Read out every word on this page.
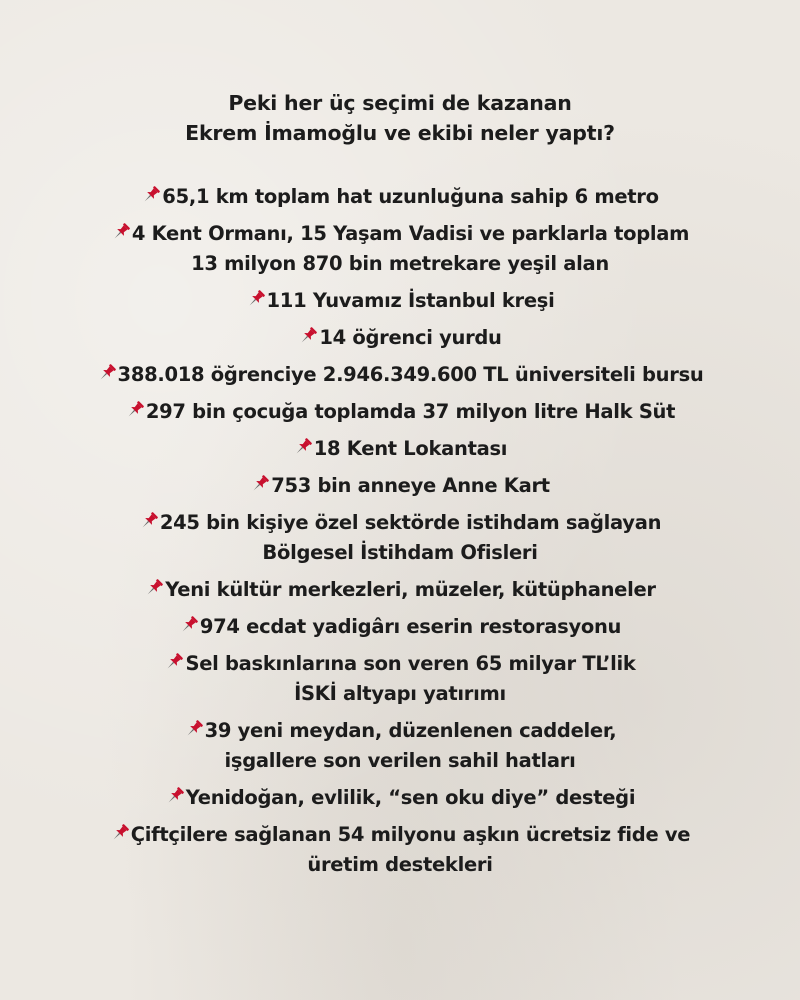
Peki her üç seçimi de kazanan
Ekrem İmamoğlu ve ekibi neler yaptı?
65,1 km toplam hat uzunluğuna sahip 6 metro
4 Kent Ormanı, 15 Yaşam Vadisi ve parklarla toplam
13 milyon 870 bin metrekare yeşil alan
111 Yuvamız İstanbul kreşi
14 öğrenci yurdu
388.018 öğrenciye 2.946.349.600 TL üniversiteli bursu
297 bin çocuğa toplamda 37 milyon litre Halk Süt
18 Kent Lokantası
753 bin anneye Anne Kart
245 bin kişiye özel sektörde istihdam sağlayan
Bölgesel İstihdam Ofisleri
Yeni kültür merkezleri, müzeler, kütüphaneler
974 ecdat yadigârı eserin restorasyonu
Sel baskınlarına son veren 65 milyar TL’lik
İSKİ altyapı yatırımı
39 yeni meydan, düzenlenen caddeler,
işgallere son verilen sahil hatları
Yenidoğan, evlilik, “sen oku diye” desteği
Çiftçilere sağlanan 54 milyonu aşkın ücretsiz fide ve
üretim destekleri
